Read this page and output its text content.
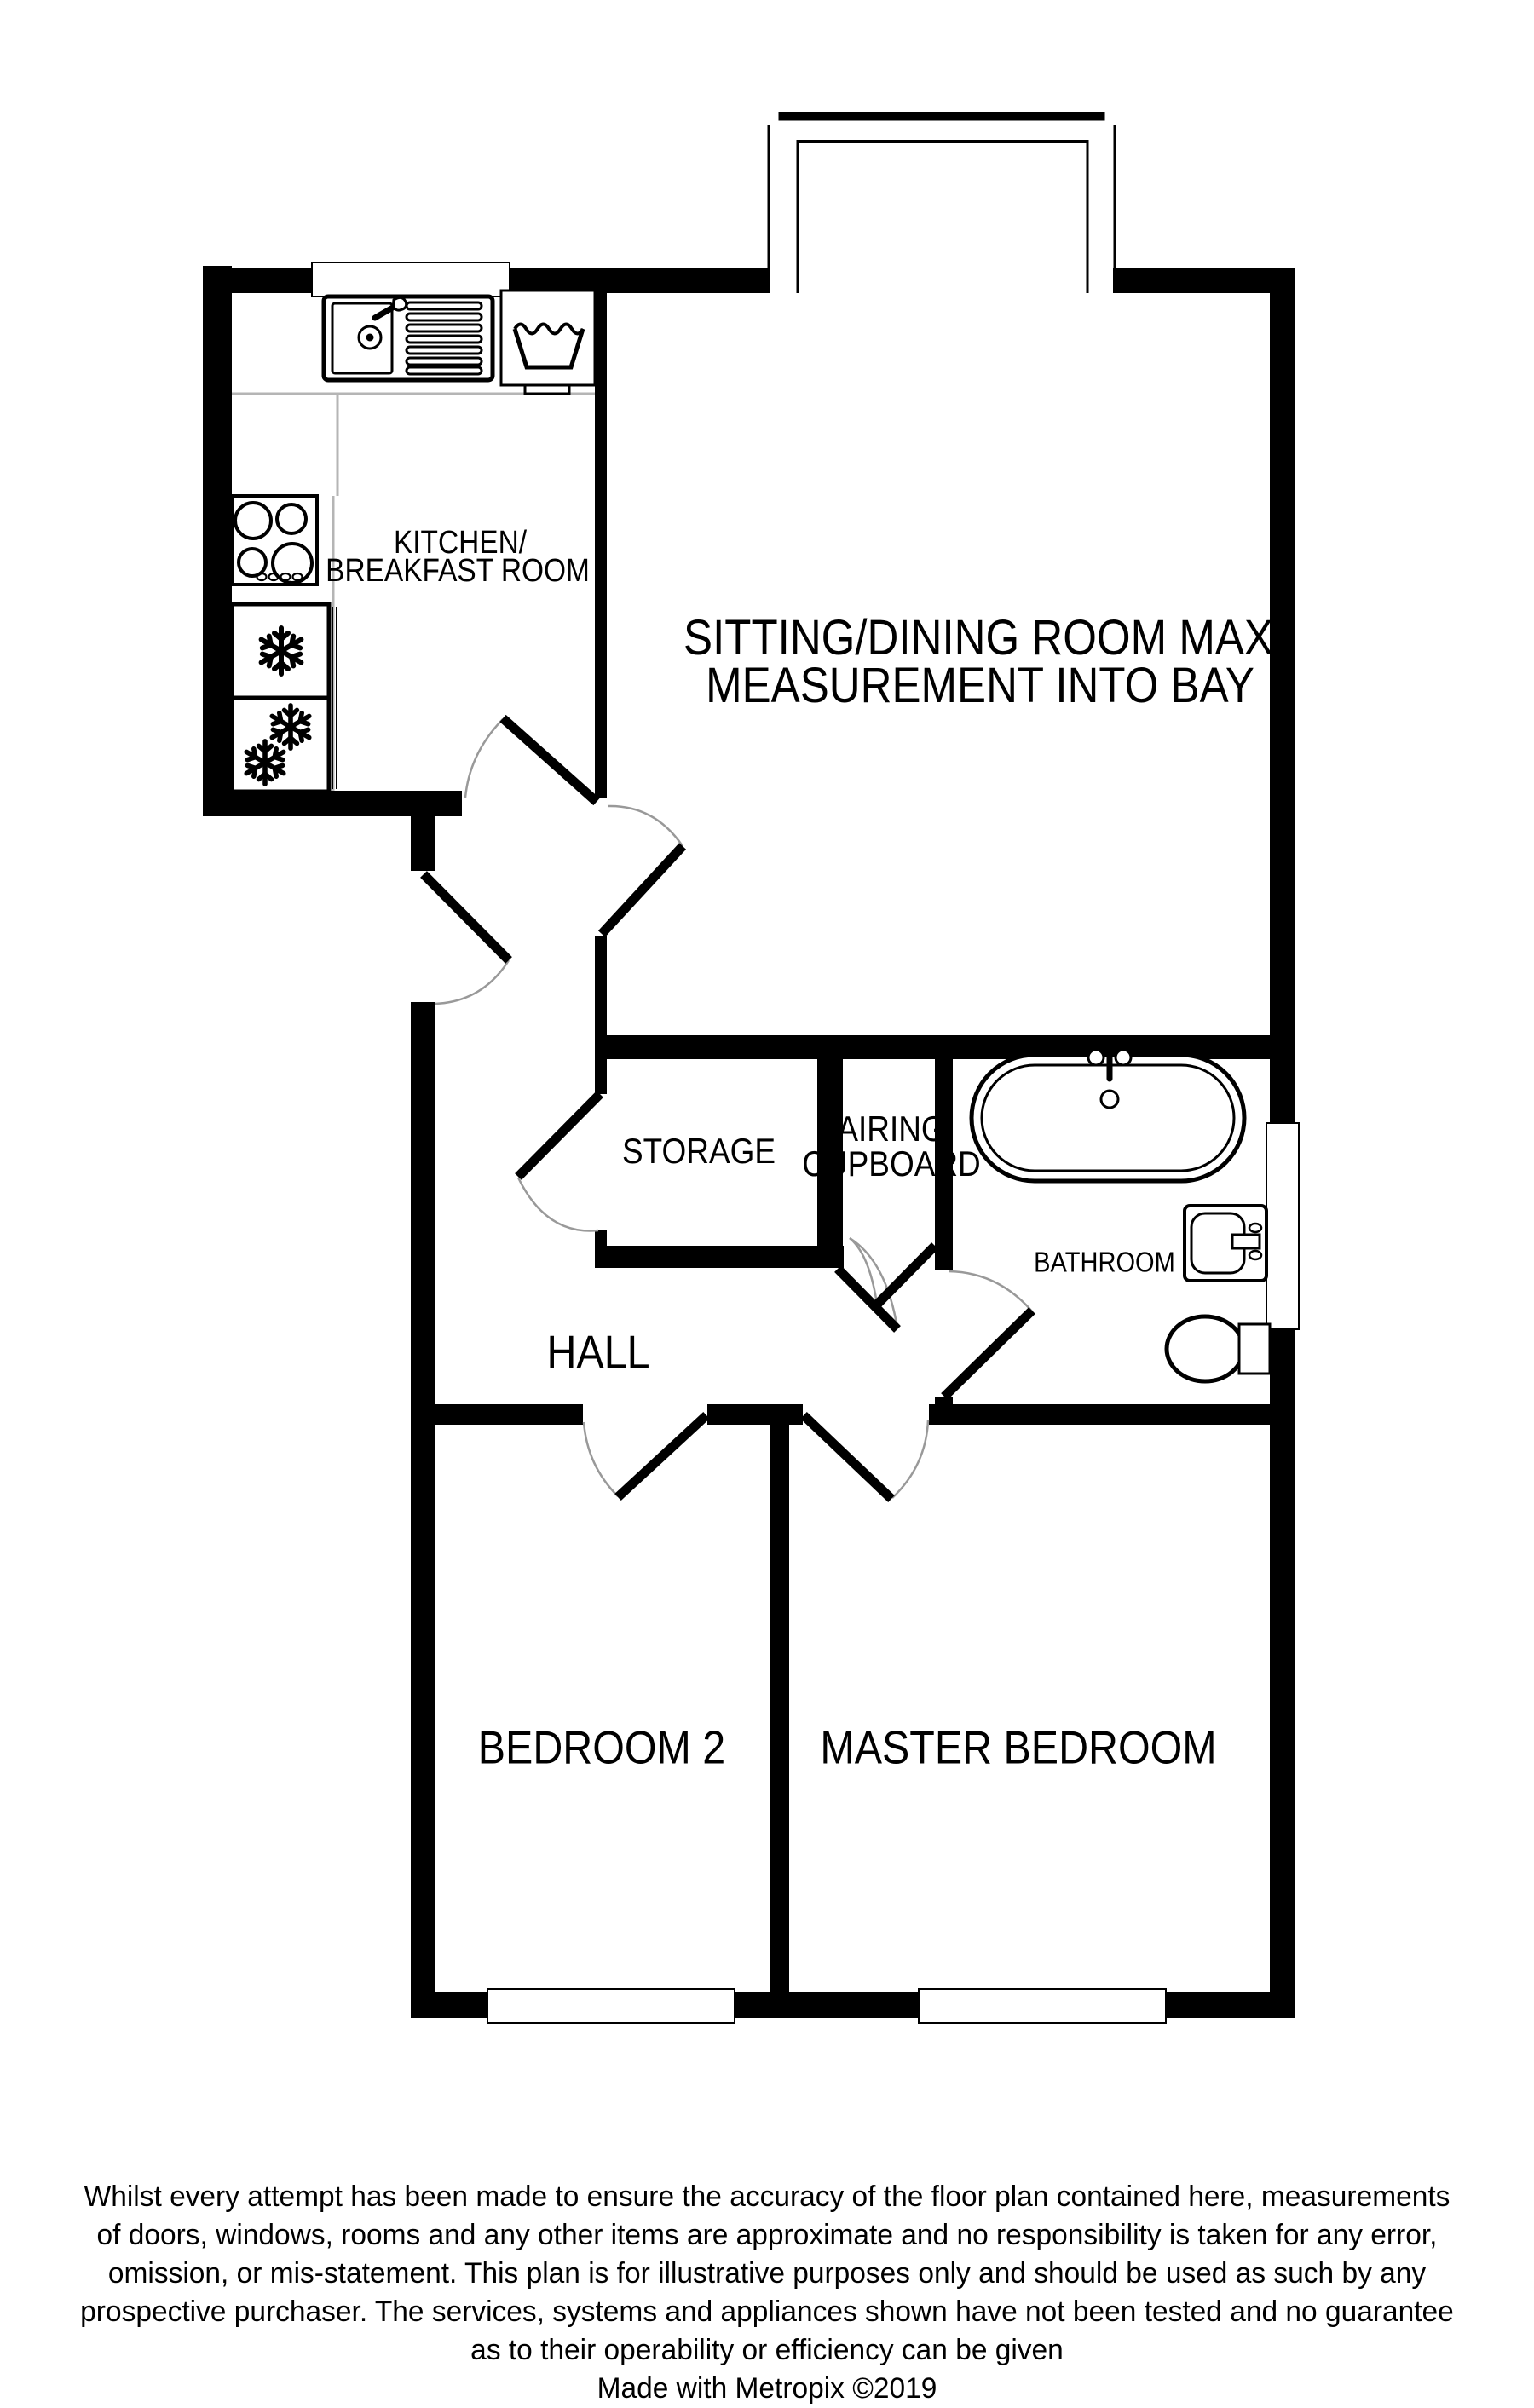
KITCHEN/
BREAKFAST ROOM
SITTING/DINING ROOM MAX
MEASUREMENT INTO BAY
STORAGE
AIRING
CUPBOARD
BATHROOM
HALL
BEDROOM 2 MASTER BEDROOM
Whilst every attempt has been made to ensure the accuracy of the floor plan contained here, measurements
of doors, windows, rooms and any other items are approximate and no responsibility is taken for any error,
omission, or mis-statement. This plan is for illustrative purposes only and should be used as such by any
prospective purchaser. The services, systems and appliances shown have not been tested and no guarantee
as to their operability or efficiency can be given
Made with Metropix ©2019
